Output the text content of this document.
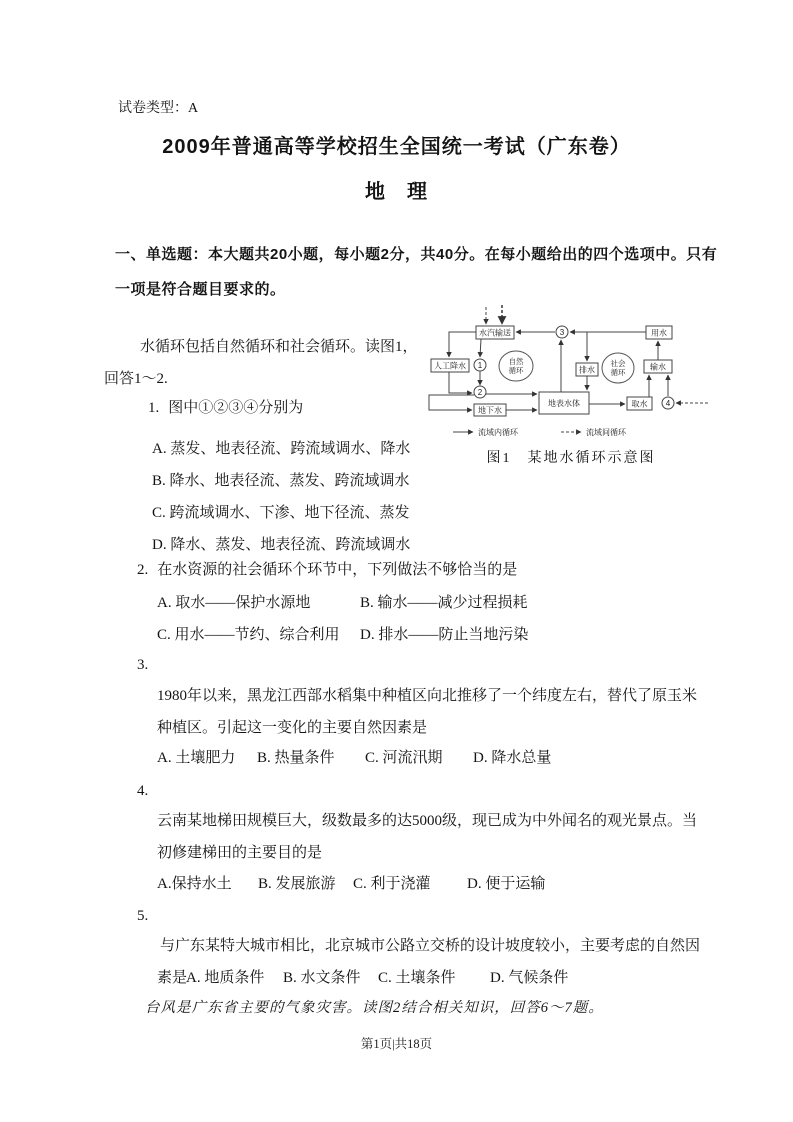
试卷类型：A
2009年普通高等学校招生全国统一考试（广东卷）
地　理
一、单选题：本大题共20小题，每小题2分，共40分。在每小题给出的四个选项中。只有
一项是符合题目要求的。
水循环包括自然循环和社会循环。读图1，
回答1～2.
水汽输送	用水
人工降水	排水	输水
地下水
地表水体	取水
自然
循环
社会
循环
1
2
3
4
流域内循环	流域间循环
图1　某地水循环示意图
1. 图中①②③④分别为
A. 蒸发、地表径流、跨流域调水、降水
B. 降水、地表径流、蒸发、跨流域调水
C. 跨流域调水、下渗、地下径流、蒸发
D. 降水、蒸发、地表径流、跨流域调水
2. 在水资源的社会循环个环节中，下列做法不够恰当的是
A. 取水——保护水源地	B. 输水——减少过程损耗
C. 用水——节约、综合利用 D. 排水——防止当地污染
3.
1980年以来，黑龙江西部水稻集中种植区向北推移了一个纬度左右，替代了原玉米
种植区。引起这一变化的主要自然因素是
A. 土壤肥力 B. 热量条件 C. 河流汛期 D. 降水总量
4.
云南某地梯田规模巨大，级数最多的达5000级，现已成为中外闻名的观光景点。当
初修建梯田的主要目的是
A.保持水土 B. 发展旅游 C. 利于浇灌 D. 便于运输
5.
与广东某特大城市相比，北京城市公路立交桥的设计坡度较小，主要考虑的自然因
素是
A. 地质条件 B. 水文条件 C. 土壤条件 D. 气候条件
台风是广东省主要的气象灾害。读图2结合相关知识，回答6～7题。
第1页|共18页
